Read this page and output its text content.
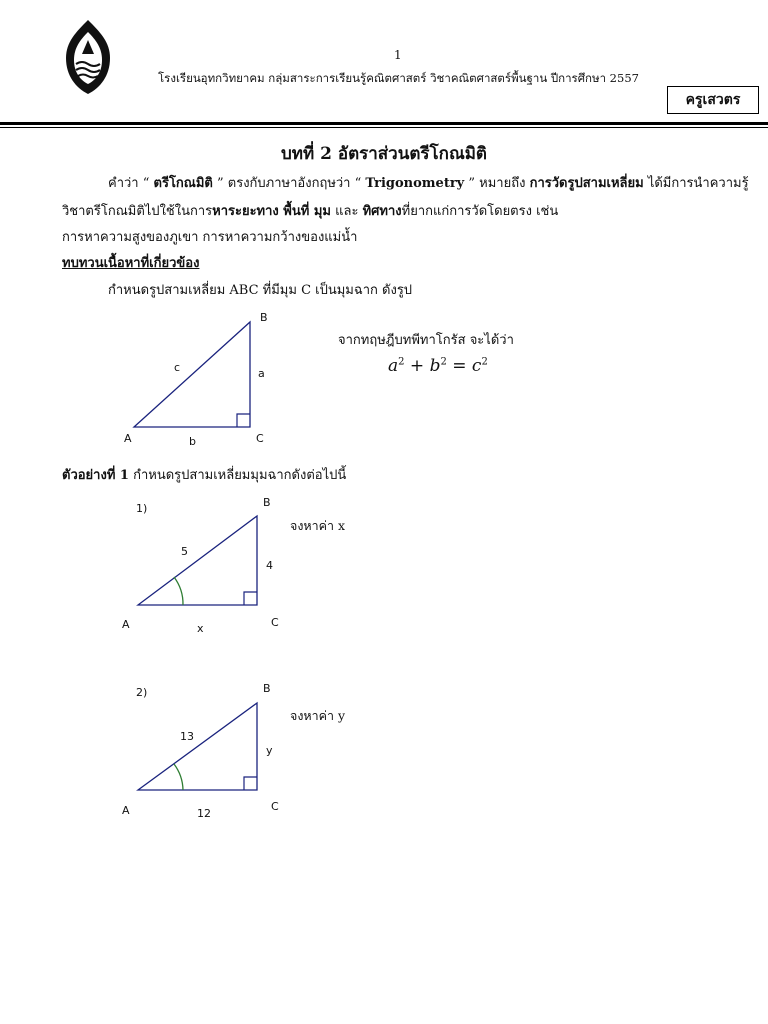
1
โรงเรียนอุทกวิทยาคม กลุ่มสาระการเรียนรู้คณิตศาสตร์ วิชาคณิตศาสตร์พื้นฐาน ปีการศึกษา 2557
ครูเสวตร
บทที่ 2 อัตราส่วนตรีโกณมิติ
คำว่า “ ตรีโกณมิติ ” ตรงกับภาษาอังกฤษว่า “ Trigonometry ” หมายถึง การวัดรูปสามเหลี่ยม ได้มีการนำความรู้
วิชาตรีโกณมิติไปใช้ในการหาระยะทาง พื้นที่ มุม และ ทิศทางที่ยากแก่การวัดโดยตรง เช่น
การหาความสูงของภูเขา การหาความกว้างของแม่น้ำ
ทบทวนเนื้อหาที่เกี่ยวข้อง
กำหนดรูปสามเหลี่ยม ABC ที่มีมุม C เป็นมุมฉาก ดังรูป
B
A	C
a
b
c
จากทฤษฎีบทพีทาโกรัส จะได้ว่า
$a^2 + b^2 = c^2$
ตัวอย่างที่ 1 กำหนดรูปสามเหลี่ยมมุมฉากดังต่อไปนี้
1)	B
A	C
5
4
x
จงหาค่า x
2)	B
A	C
13
y
12
จงหาค่า y
